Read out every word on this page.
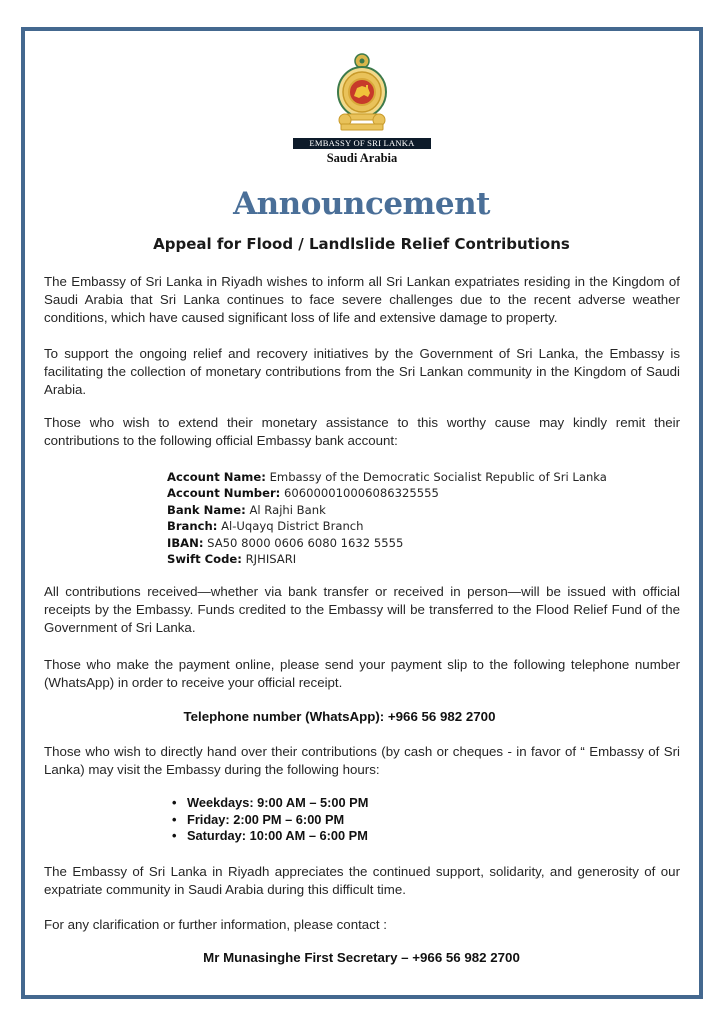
EMBASSY OF SRI LANKA
Saudi Arabia
Announcement
Appeal for Flood / Landlslide Relief Contributions

The Embassy of Sri Lanka in Riyadh wishes to inform all Sri Lankan expatriates residing in the Kingdom of Saudi Arabia that Sri Lanka continues to face severe challenges due to the recent adverse weather conditions, which have caused significant loss of life and extensive damage to property.

To support the ongoing relief and recovery initiatives by the Government of Sri Lanka, the Embassy is facilitating the collection of monetary contributions from the Sri Lankan community in the Kingdom of Saudi Arabia.

Those who wish to extend their monetary assistance to this worthy cause may kindly remit their contributions to the following official Embassy bank account:

Account Name: Embassy of the Democratic Socialist Republic of Sri Lanka
Account Number: 606000010006086325555
Bank Name: Al Rajhi Bank
Branch: Al-Uqayq District Branch
IBAN: SA50 8000 0606 6080 1632 5555
Swift Code: RJHISARI

All contributions received—whether via bank transfer or received in person—will be issued with official receipts by the Embassy. Funds credited to the Embassy will be transferred to the Flood Relief Fund of the Government of Sri Lanka.

Those who make the payment online, please send your payment slip to the following telephone number (WhatsApp) in order to receive your official receipt.

Telephone number (WhatsApp): +966 56 982 2700

Those who wish to directly hand over their contributions (by cash or cheques - in favor of “ Embassy of Sri Lanka) may visit the Embassy during the following hours:

• Weekdays: 9:00 AM – 5:00 PM
• Friday: 2:00 PM – 6:00 PM
• Saturday: 10:00 AM – 6:00 PM

The Embassy of Sri Lanka in Riyadh appreciates the continued support, solidarity, and generosity of our expatriate community in Saudi Arabia during this difficult time.

For any clarification or further information, please contact :

Mr Munasinghe First Secretary – +966 56 982 2700
